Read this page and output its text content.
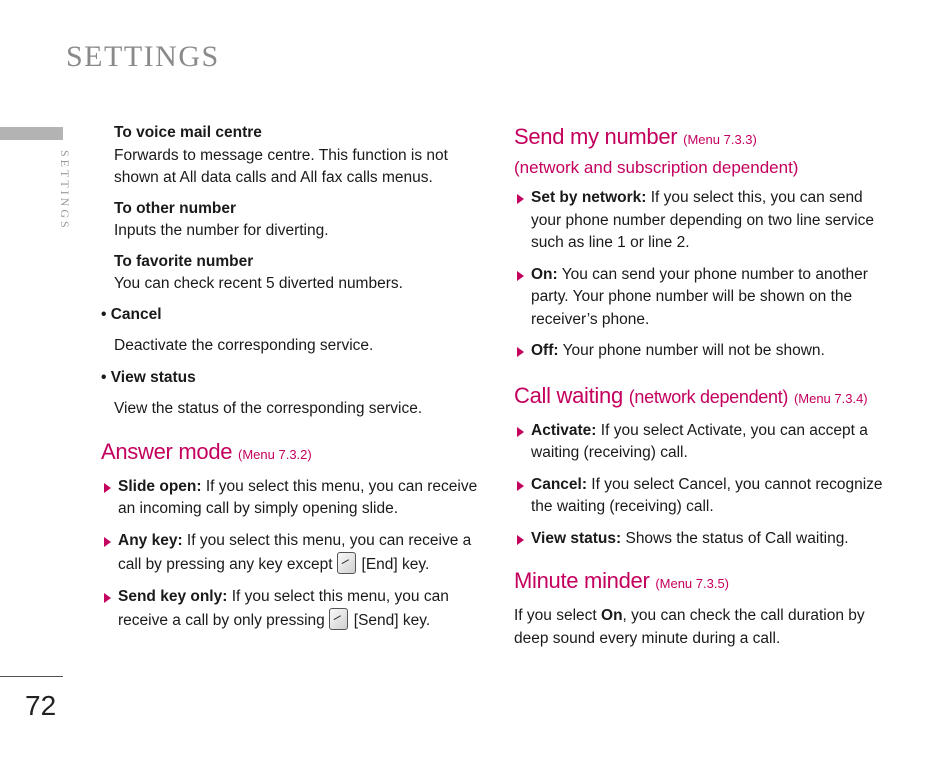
SETTINGS
SETTINGS
72
To voice mail centre
Forwards to message centre. This function is not shown at All data calls and All fax calls menus.
To other number
Inputs the number for diverting.
To favorite number
You can check recent 5 diverted numbers.
• Cancel
Deactivate the corresponding service.
• View status
View the status of the corresponding service.
Answer mode (Menu 7.3.2)
Slide open: If you select this menu, you can receive an incoming call by simply opening slide.
Any key: If you select this menu, you can receive a call by pressing any key except [End] key.
Send key only: If you select this menu, you can receive a call by only pressing [Send] key.
Send my number (Menu 7.3.3)
(network and subscription dependent)
Set by network: If you select this, you can send your phone number depending on two line service such as line 1 or line 2.
On: You can send your phone number to another party. Your phone number will be shown on the receiver’s phone.
Off: Your phone number will not be shown.
Call waiting (network dependent) (Menu 7.3.4)
Activate: If you select Activate, you can accept a waiting (receiving) call.
Cancel: If you select Cancel, you cannot recognize the waiting (receiving) call.
View status: Shows the status of Call waiting.
Minute minder (Menu 7.3.5)
If you select On, you can check the call duration by deep sound every minute during a call.
